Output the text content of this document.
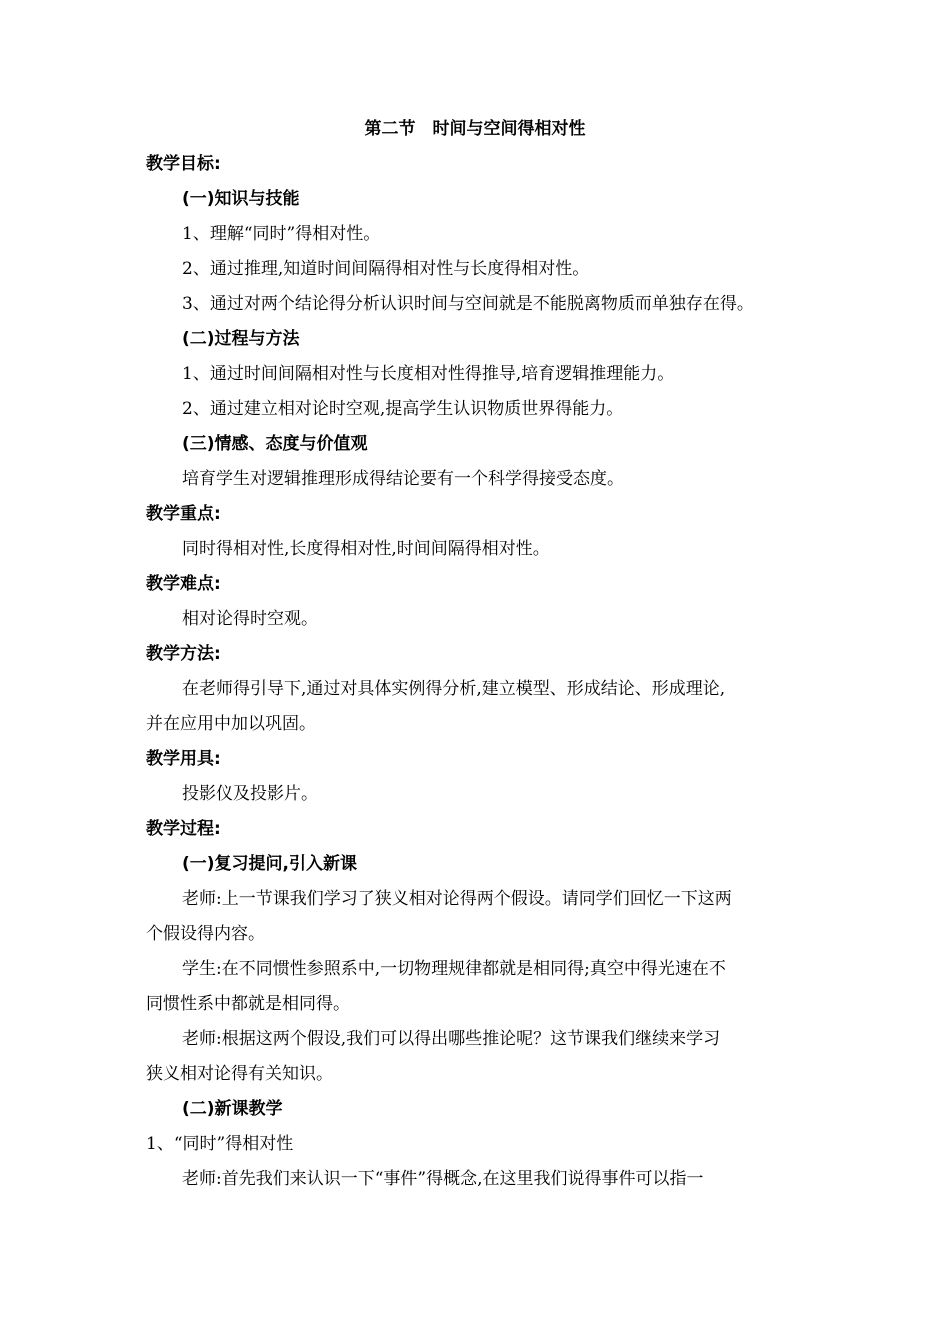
第二节　时间与空间得相对性
教学目标:
(一)知识与技能
1、理解“同时”得相对性。
2、通过推理,知道时间间隔得相对性与长度得相对性。
3、通过对两个结论得分析认识时间与空间就是不能脱离物质而单独存在得。
(二)过程与方法
1、通过时间间隔相对性与长度相对性得推导,培育逻辑推理能力。
2、通过建立相对论时空观,提高学生认识物质世界得能力。
(三)情感、态度与价值观
培育学生对逻辑推理形成得结论要有一个科学得接受态度。
教学重点:
同时得相对性,长度得相对性,时间间隔得相对性。
教学难点:
相对论得时空观。
教学方法:
在老师得引导下,通过对具体实例得分析,建立模型、形成结论、形成理论,
并在应用中加以巩固。
教学用具:
投影仪及投影片。
教学过程:
(一)复习提问,引入新课
老师:上一节课我们学习了狭义相对论得两个假设。请同学们回忆一下这两
个假设得内容。
学生:在不同惯性参照系中,一切物理规律都就是相同得;真空中得光速在不
同惯性系中都就是相同得。
老师:根据这两个假设,我们可以得出哪些推论呢？这节课我们继续来学习
狭义相对论得有关知识。
(二)新课教学
1、“同时”得相对性
老师:首先我们来认识一下“事件”得概念,在这里我们说得事件可以指一
